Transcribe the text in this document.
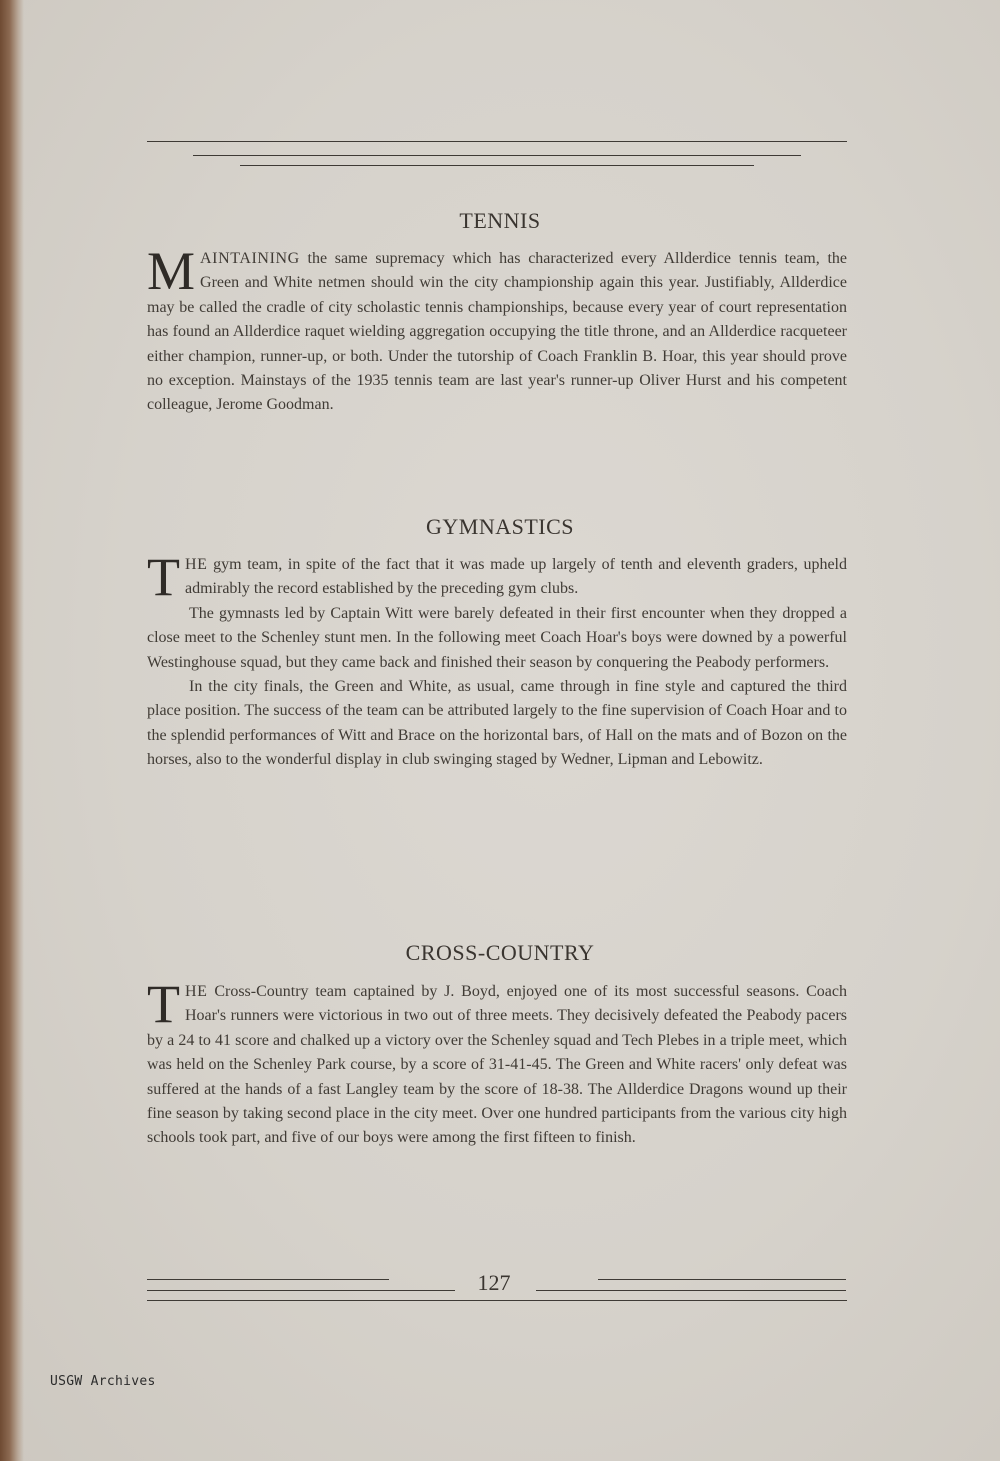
TENNIS

MAINTAINING the same supremacy which has characterized every Allderdice tennis team, the Green and White netmen should win the city championship again this year. Justifiably, Allderdice may be called the cradle of city scholastic tennis championships, because every year of court representation has found an Allderdice raquet wielding aggregation occupying the title throne, and an Allderdice racqueteer either champion, runner-up, or both. Under the tutorship of Coach Franklin B. Hoar, this year should prove no exception. Mainstays of the 1935 tennis team are last year's runner-up Oliver Hurst and his competent colleague, Jerome Goodman.

GYMNASTICS

THE gym team, in spite of the fact that it was made up largely of tenth and eleventh graders, upheld admirably the record established by the preceding gym clubs.

The gymnasts led by Captain Witt were barely defeated in their first encounter when they dropped a close meet to the Schenley stunt men. In the following meet Coach Hoar's boys were downed by a powerful Westinghouse squad, but they came back and finished their season by conquering the Peabody performers.

In the city finals, the Green and White, as usual, came through in fine style and captured the third place position. The success of the team can be attributed largely to the fine supervision of Coach Hoar and to the splendid performances of Witt and Brace on the horizontal bars, of Hall on the mats and of Bozon on the horses, also to the wonderful display in club swinging staged by Wedner, Lipman and Lebowitz.

CROSS-COUNTRY

THE Cross-Country team captained by J. Boyd, enjoyed one of its most successful seasons. Coach Hoar's runners were victorious in two out of three meets. They decisively defeated the Peabody pacers by a 24 to 41 score and chalked up a victory over the Schenley squad and Tech Plebes in a triple meet, which was held on the Schenley Park course, by a score of 31-41-45. The Green and White racers' only defeat was suffered at the hands of a fast Langley team by the score of 18-38. The Allderdice Dragons wound up their fine season by taking second place in the city meet. Over one hundred participants from the various city high schools took part, and five of our boys were among the first fifteen to finish.

127
USGW Archives
